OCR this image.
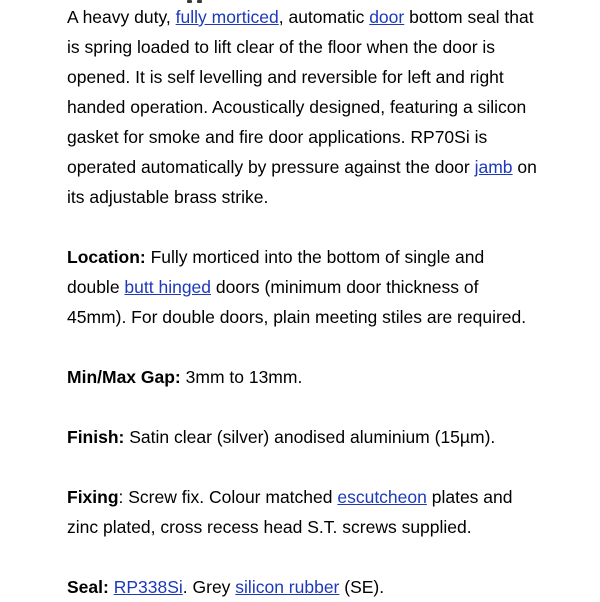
A heavy duty, fully morticed, automatic door bottom seal that is spring loaded to lift clear of the floor when the door is opened. It is self levelling and reversible for left and right handed operation. Acoustically designed, featuring a silicon gasket for smoke and fire door applications. RP70Si is operated automatically by pressure against the door jamb on its adjustable brass strike.

Location: Fully morticed into the bottom of single and double butt hinged doors (minimum door thickness of 45mm). For double doors, plain meeting stiles are required.

Min/Max Gap: 3mm to 13mm.

Finish: Satin clear (silver) anodised aluminium (15µm).

Fixing: Screw fix. Colour matched escutcheon plates and zinc plated, cross recess head S.T. screws supplied.

Seal: RP338Si. Grey silicon rubber (SE).
